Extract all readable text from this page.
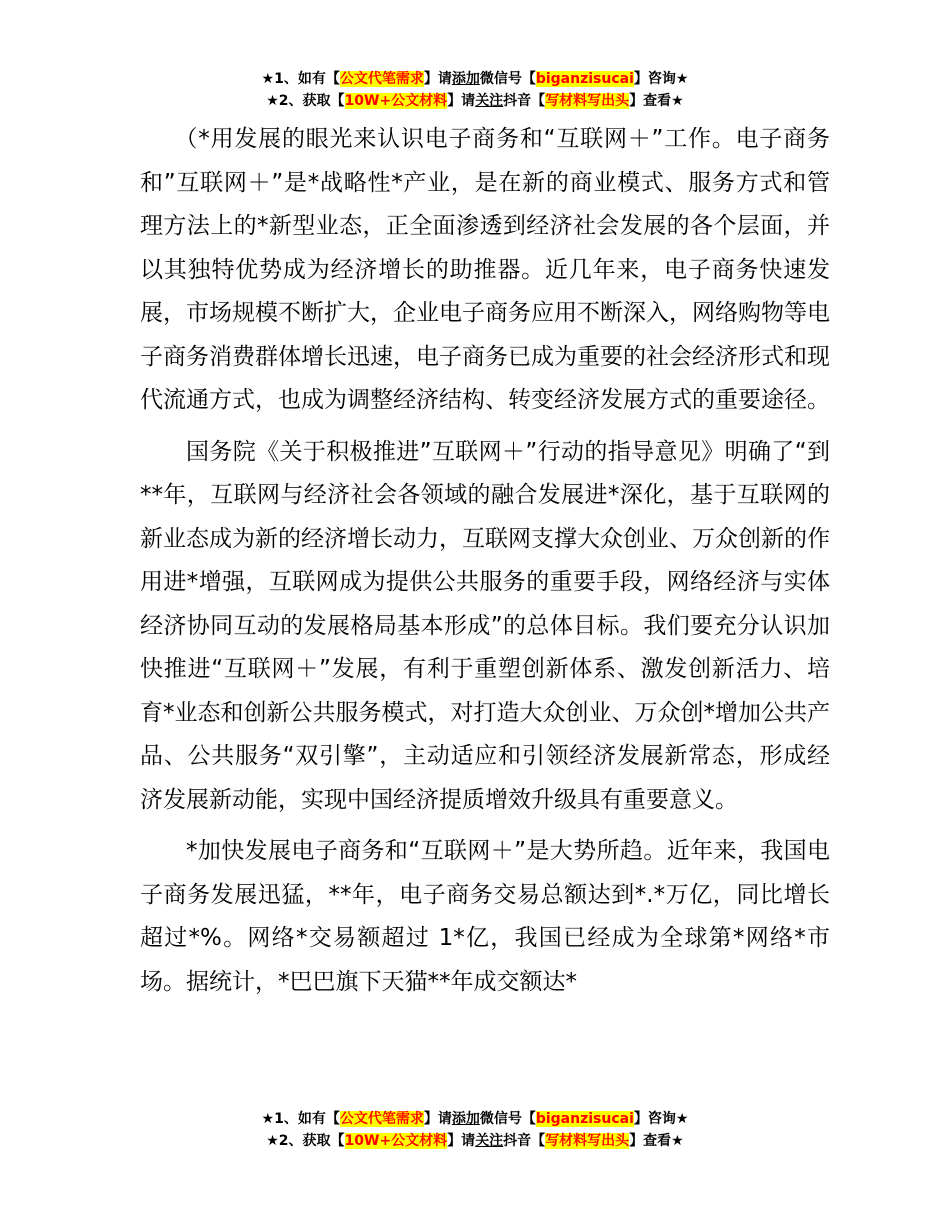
★1、如有【公文代笔需求】请添加微信号【biganzisucai】咨询★
★2、获取【10W+公文材料】请关注抖音【写材料写出头】查看★

（*用发展的眼光来认识电子商务和“互联网＋”工作。电子商务和”互联网＋”是*战略性*产业，是在新的商业模式、服务方式和管理方法上的*新型业态，正全面渗透到经济社会发展的各个层面，并以其独特优势成为经济增长的助推器。近几年来，电子商务快速发展，市场规模不断扩大，企业电子商务应用不断深入，网络购物等电子商务消费群体增长迅速，电子商务已成为重要的社会经济形式和现代流通方式，也成为调整经济结构、转变经济发展方式的重要途径。

国务院《关于积极推进”互联网＋”行动的指导意见》明确了“到**年，互联网与经济社会各领域的融合发展进*深化，基于互联网的新业态成为新的经济增长动力，互联网支撑大众创业、万众创新的作用进*增强，互联网成为提供公共服务的重要手段，网络经济与实体经济协同互动的发展格局基本形成”的总体目标。我们要充分认识加快推进“互联网＋”发展，有利于重塑创新体系、激发创新活力、培育*业态和创新公共服务模式，对打造大众创业、万众创*增加公共产品、公共服务“双引擎”，主动适应和引领经济发展新常态，形成经济发展新动能，实现中国经济提质增效升级具有重要意义。

*加快发展电子商务和“互联网＋”是大势所趋。近年来，我国电子商务发展迅猛，**年，电子商务交易总额达到*.*万亿，同比增长超过*%。网络*交易额超过 1*亿，我国已经成为全球第*网络*市场。据统计，*巴巴旗下天猫**年成交额达*

★1、如有【公文代笔需求】请添加微信号【biganzisucai】咨询★
★2、获取【10W+公文材料】请关注抖音【写材料写出头】查看★
